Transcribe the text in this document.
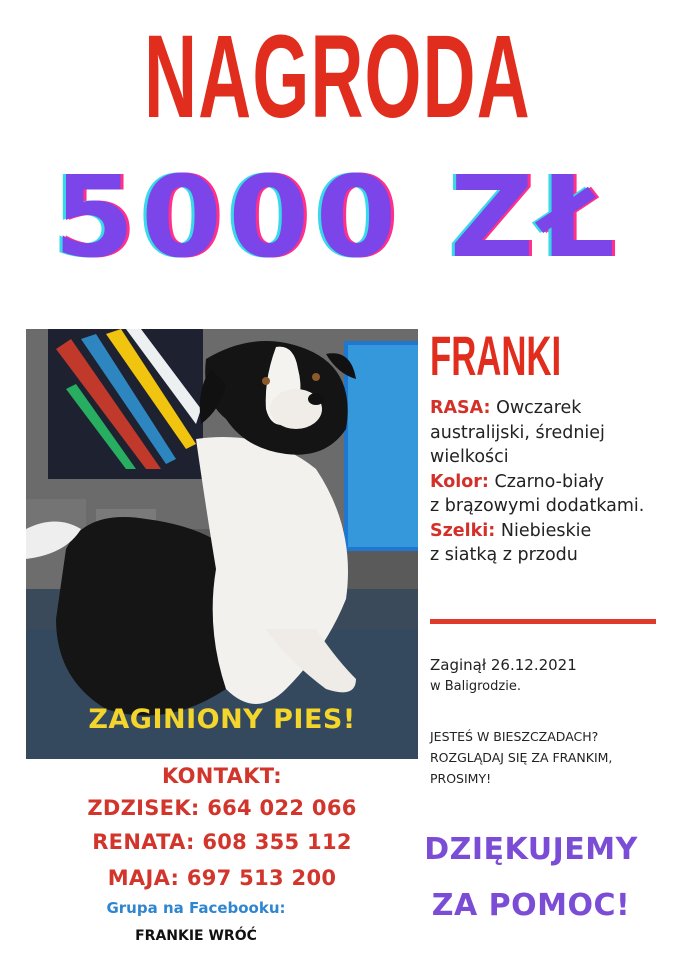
NAGRODA
5000 ZŁ
ZAGINIONY PIES!
FRANKI
RASA: Owczarek
australijski, średniej
wielkości
Kolor: Czarno-biały
z brązowymi dodatkami.
Szelki: Niebieskie
z siatką z przodu
Zaginął 26.12.2021
w Baligrodzie.
JESTEŚ W BIESZCZADACH?
ROZGLĄDAJ SIĘ ZA FRANKIM,
PROSIMY!
KONTAKT:
ZDZISEK: 664 022 066
RENATA: 608 355 112
MAJA: 697 513 200
Grupa na Facebooku:
FRANKIE WRÓĆ
DZIĘKUJEMY
ZA POMOC!
